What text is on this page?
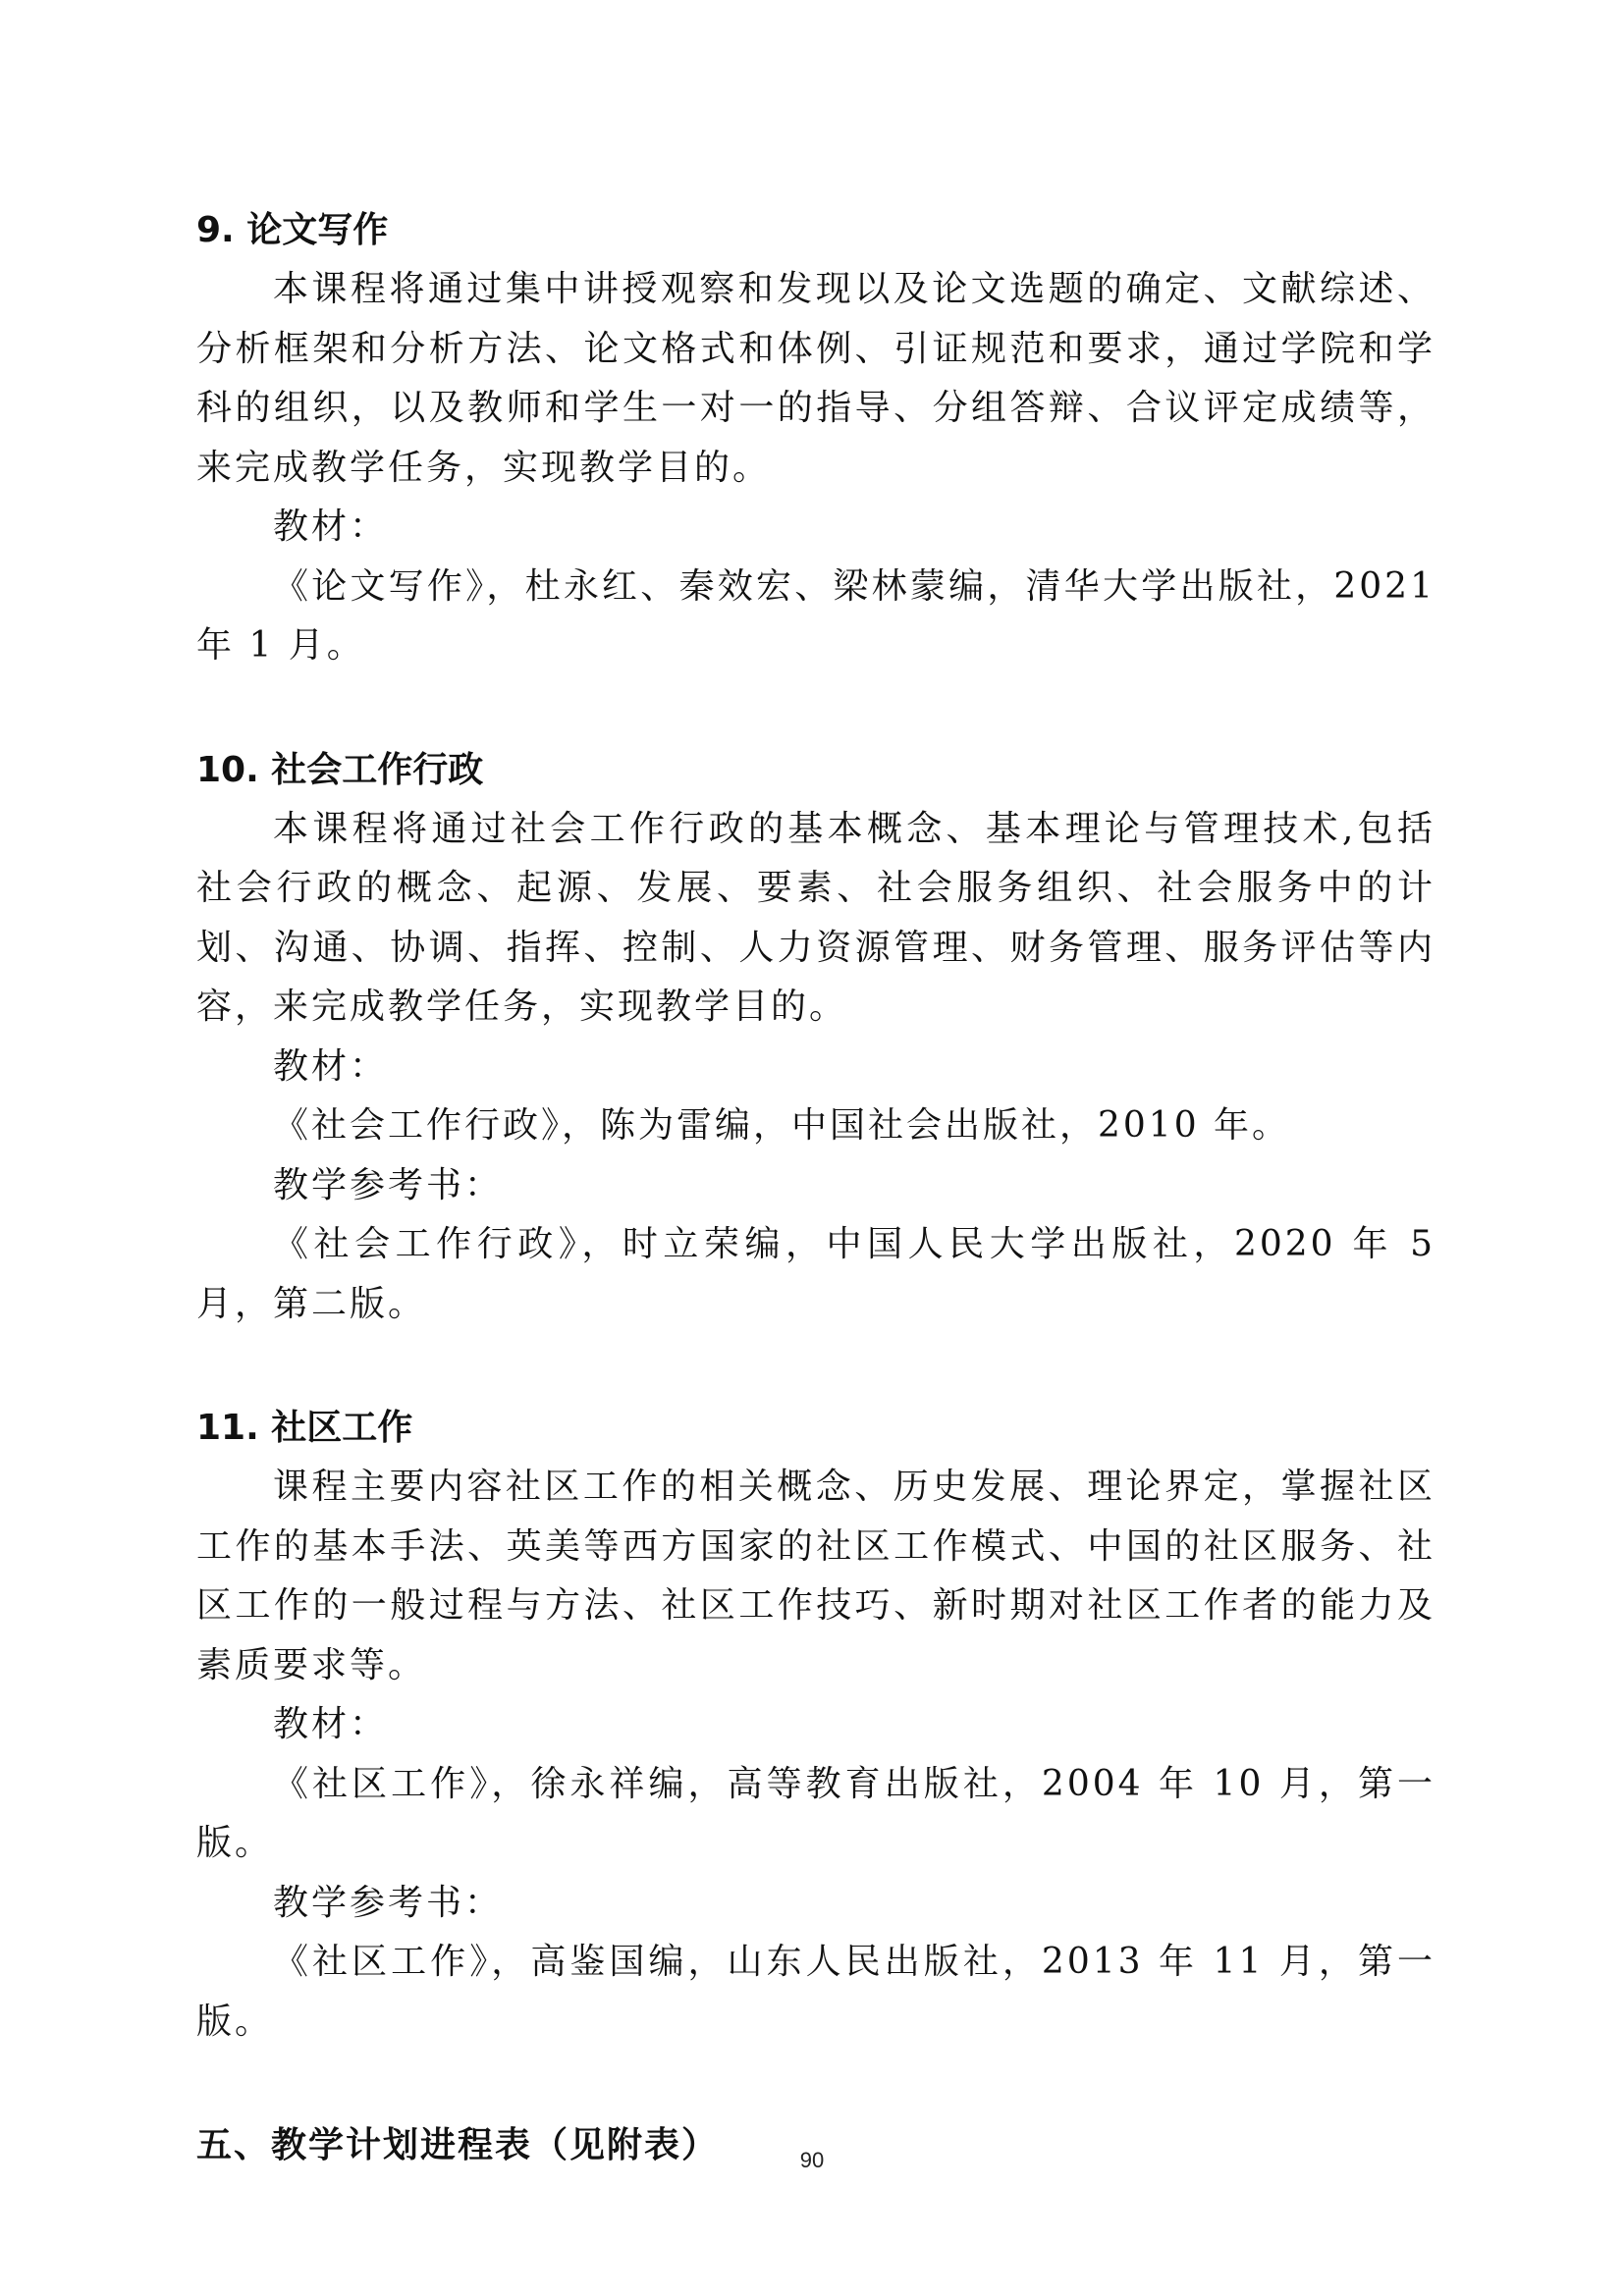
9. 论文写作

本课程将通过集中讲授观察和发现以及论文选题的确定、文献综述、分析框架和分析方法、论文格式和体例、引证规范和要求，通过学院和学科的组织，以及教师和学生一对一的指导、分组答辩、合议评定成绩等，来完成教学任务，实现教学目的。

教材：

《论文写作》，杜永红、秦效宏、梁林蒙编，清华大学出版社，2021 年 1 月。

10. 社会工作行政

本课程将通过社会工作行政的基本概念、基本理论与管理技术,包括社会行政的概念、起源、发展、要素、社会服务组织、社会服务中的计划、沟通、协调、指挥、控制、人力资源管理、财务管理、服务评估等内容，来完成教学任务，实现教学目的。

教材：

《社会工作行政》，陈为雷编，中国社会出版社，2010 年。

教学参考书：

《社会工作行政》，时立荣编，中国人民大学出版社，2020 年 5 月，第二版。

11. 社区工作

课程主要内容社区工作的相关概念、历史发展、理论界定，掌握社区工作的基本手法、英美等西方国家的社区工作模式、中国的社区服务、社区工作的一般过程与方法、社区工作技巧、新时期对社区工作者的能力及素质要求等。

教材：

《社区工作》，徐永祥编，高等教育出版社，2004 年 10 月，第一版。

教学参考书：

《社区工作》，高鉴国编，山东人民出版社，2013 年 11 月，第一版。

五、教学计划进程表（见附表）	90
